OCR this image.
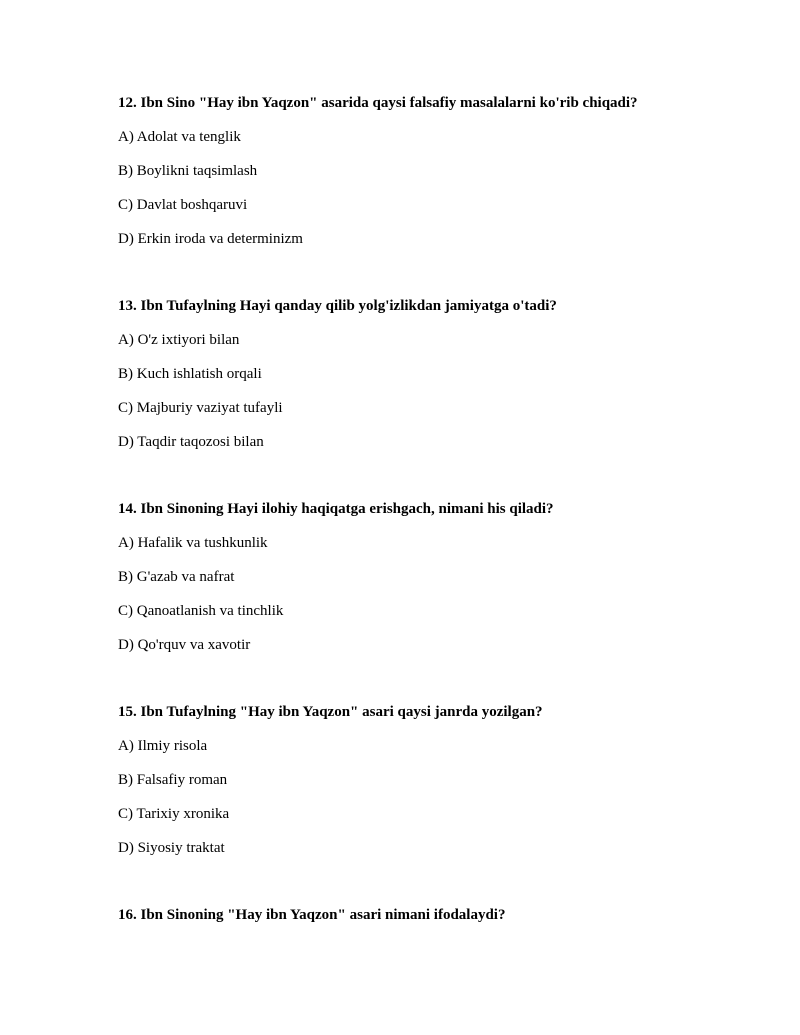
12. Ibn Sino "Hay ibn Yaqzon" asarida qaysi falsafiy masalalarni ko'rib chiqadi?

A) Adolat va tenglik

B) Boylikni taqsimlash

C) Davlat boshqaruvi

D) Erkin iroda va determinizm

13. Ibn Tufaylning Hayi qanday qilib yolg'izlikdan jamiyatga o'tadi?

A) O'z ixtiyori bilan

B) Kuch ishlatish orqali

C) Majburiy vaziyat tufayli

D) Taqdir taqozosi bilan

14. Ibn Sinoning Hayi ilohiy haqiqatga erishgach, nimani his qiladi?

A) Hafalik va tushkunlik

B) G'azab va nafrat

C) Qanoatlanish va tinchlik

D) Qo'rquv va xavotir

15. Ibn Tufaylning "Hay ibn Yaqzon" asari qaysi janrda yozilgan?

A) Ilmiy risola

B) Falsafiy roman

C) Tarixiy xronika

D) Siyosiy traktat

16. Ibn Sinoning "Hay ibn Yaqzon" asari nimani ifodalaydi?
